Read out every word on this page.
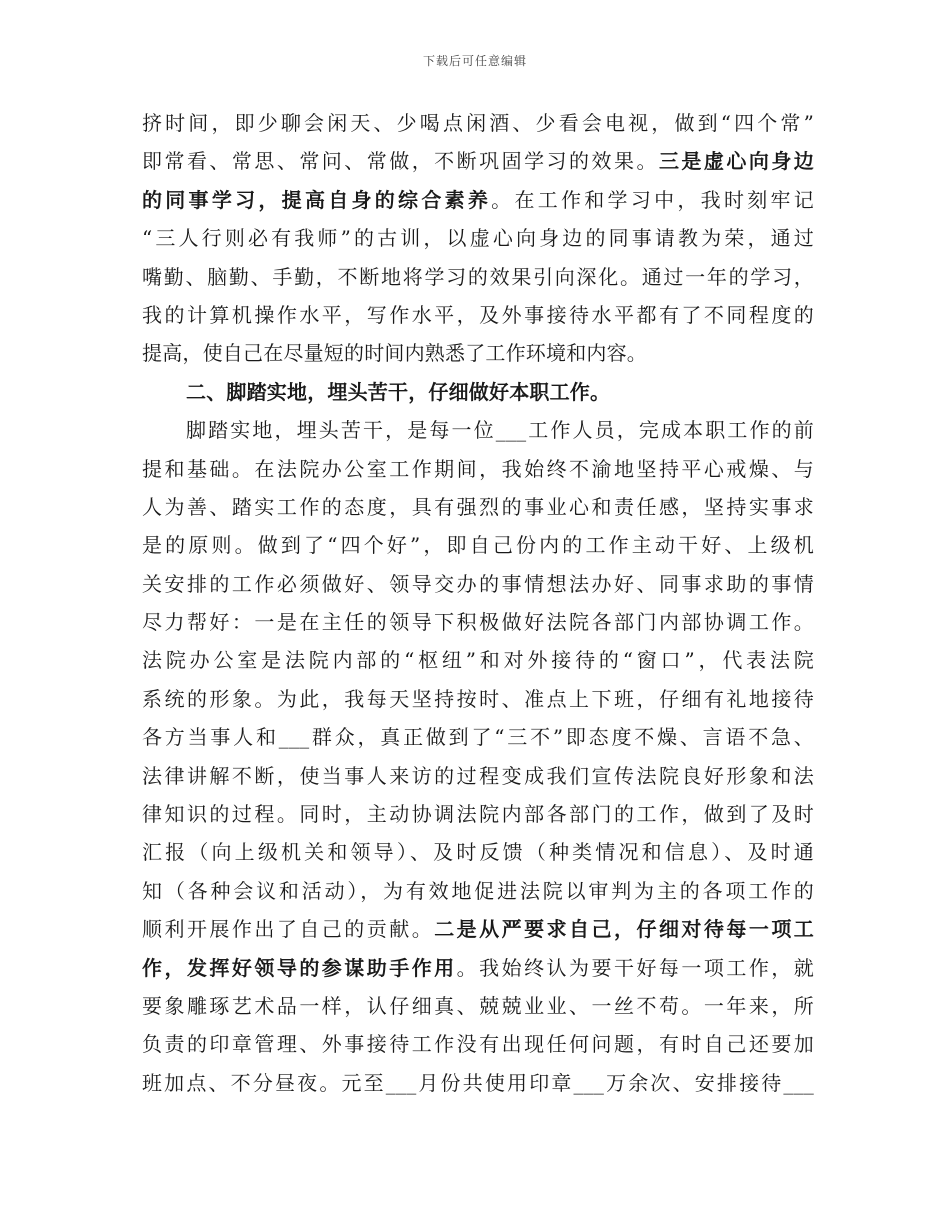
下载后可任意编辑
挤时间，即少聊会闲天、少喝点闲酒、少看会电视，做到“四个常”
即常看、常思、常问、常做，不断巩固学习的效果。三是虚心向身边
的同事学习，提高自身的综合素养。在工作和学习中，我时刻牢记
“三人行则必有我师”的古训，以虚心向身边的同事请教为荣，通过
嘴勤、脑勤、手勤，不断地将学习的效果引向深化。通过一年的学习，
我的计算机操作水平，写作水平，及外事接待水平都有了不同程度的
提高，使自己在尽量短的时间内熟悉了工作环境和内容。
二、脚踏实地，埋头苦干，仔细做好本职工作。
脚踏实地，埋头苦干，是每一位___工作人员，完成本职工作的前
提和基础。在法院办公室工作期间，我始终不渝地坚持平心戒燥、与
人为善、踏实工作的态度，具有强烈的事业心和责任感，坚持实事求
是的原则。做到了“四个好”，即自己份内的工作主动干好、上级机
关安排的工作必须做好、领导交办的事情想法办好、同事求助的事情
尽力帮好：一是在主任的领导下积极做好法院各部门内部协调工作。
法院办公室是法院内部的“枢纽”和对外接待的“窗口”，代表法院
系统的形象。为此，我每天坚持按时、准点上下班，仔细有礼地接待
各方当事人和___群众，真正做到了“三不”即态度不燥、言语不急、
法律讲解不断，使当事人来访的过程变成我们宣传法院良好形象和法
律知识的过程。同时，主动协调法院内部各部门的工作，做到了及时
汇报（向上级机关和领导）、及时反馈（种类情况和信息）、及时通
知（各种会议和活动），为有效地促进法院以审判为主的各项工作的
顺利开展作出了自己的贡献。二是从严要求自己，仔细对待每一项工
作，发挥好领导的参谋助手作用。我始终认为要干好每一项工作，就
要象雕琢艺术品一样，认仔细真、兢兢业业、一丝不苟。一年来，所
负责的印章管理、外事接待工作没有出现任何问题，有时自己还要加
班加点、不分昼夜。元至___月份共使用印章___万余次、安排接待___
